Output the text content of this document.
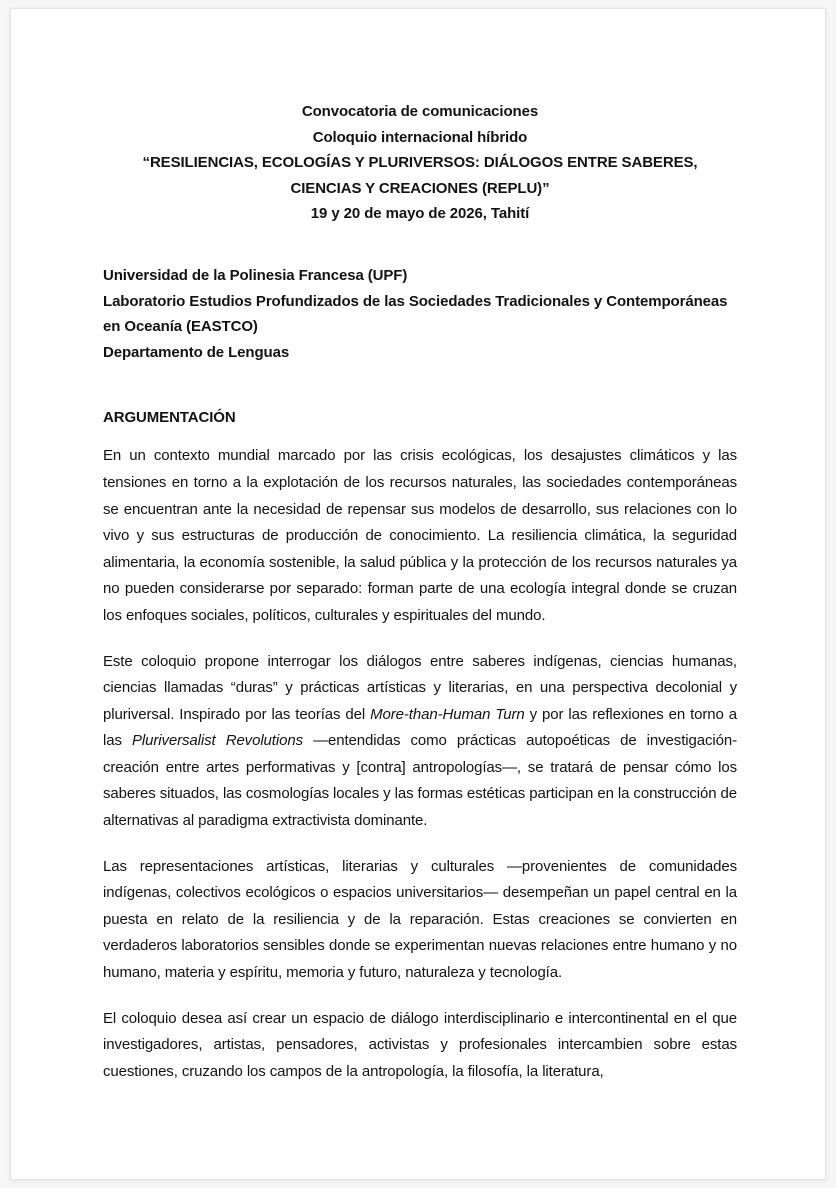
Convocatoria de comunicaciones
Coloquio internacional híbrido
“RESILIENCIAS, ECOLOGÍAS Y PLURIVERSOS: DIÁLOGOS ENTRE SABERES,
CIENCIAS Y CREACIONES (REPLU)”
19 y 20 de mayo de 2026, Tahití
Universidad de la Polinesia Francesa (UPF)
Laboratorio Estudios Profundizados de las Sociedades Tradicionales y Contemporáneas en Oceanía (EASTCO)
Departamento de Lenguas
ARGUMENTACIÓN

En un contexto mundial marcado por las crisis ecológicas, los desajustes climáticos y las tensiones en torno a la explotación de los recursos naturales, las sociedades contemporáneas se encuentran ante la necesidad de repensar sus modelos de desarrollo, sus relaciones con lo vivo y sus estructuras de producción de conocimiento. La resiliencia climática, la seguridad alimentaria, la economía sostenible, la salud pública y la protección de los recursos naturales ya no pueden considerarse por separado: forman parte de una ecología integral donde se cruzan los enfoques sociales, políticos, culturales y espirituales del mundo.

Este coloquio propone interrogar los diálogos entre saberes indígenas, ciencias humanas, ciencias llamadas “duras” y prácticas artísticas y literarias, en una perspectiva decolonial y pluriversal. Inspirado por las teorías del More-than-Human Turn y por las reflexiones en torno a las Pluriversalist Revolutions —entendidas como prácticas autopoéticas de investigación-creación entre artes performativas y [contra] antropologías—, se tratará de pensar cómo los saberes situados, las cosmologías locales y las formas estéticas participan en la construcción de alternativas al paradigma extractivista dominante.

Las representaciones artísticas, literarias y culturales —provenientes de comunidades indígenas, colectivos ecológicos o espacios universitarios— desempeñan un papel central en la puesta en relato de la resiliencia y de la reparación. Estas creaciones se convierten en verdaderos laboratorios sensibles donde se experimentan nuevas relaciones entre humano y no humano, materia y espíritu, memoria y futuro, naturaleza y tecnología.

El coloquio desea así crear un espacio de diálogo interdisciplinario e intercontinental en el que investigadores, artistas, pensadores, activistas y profesionales intercambien sobre estas cuestiones, cruzando los campos de la antropología, la filosofía, la literatura,
